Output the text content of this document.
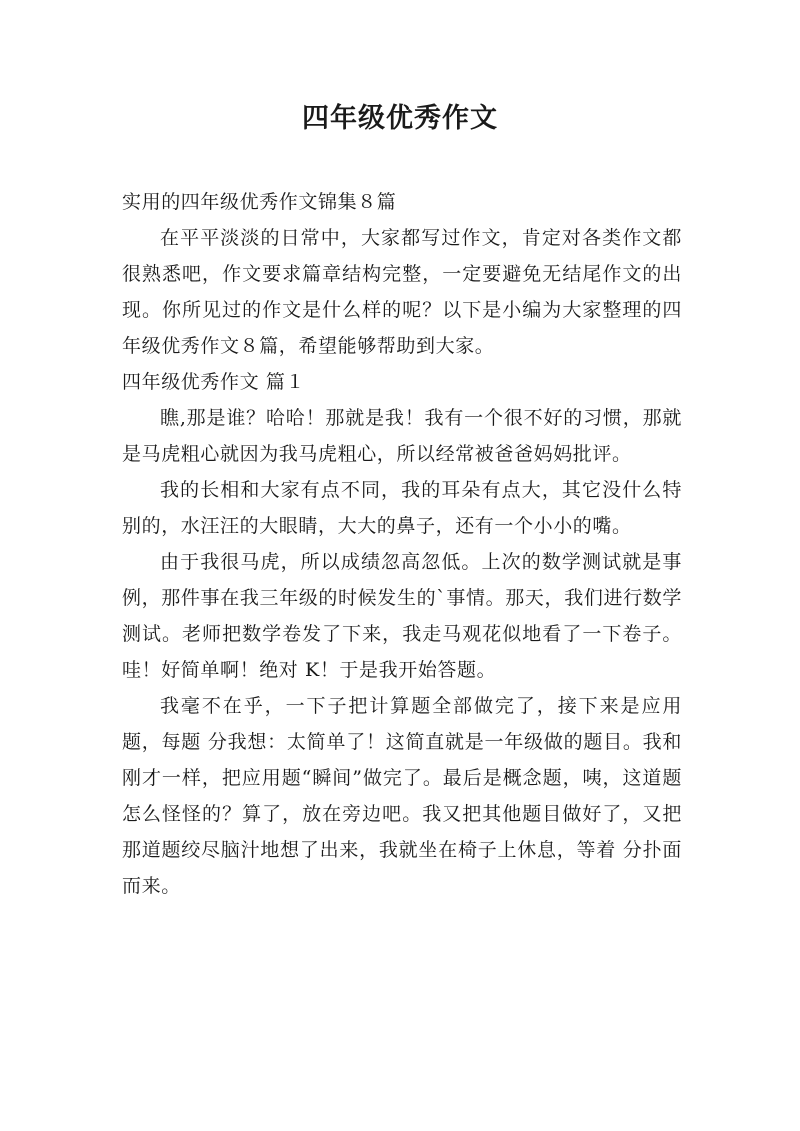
四年级优秀作文

实用的四年级优秀作文锦集８篇

在平平淡淡的日常中，大家都写过作文，肯定对各类作文都很熟悉吧，作文要求篇章结构完整，一定要避免无结尾作文的出现。你所见过的作文是什么样的呢？以下是小编为大家整理的四年级优秀作文８篇，希望能够帮助到大家。

四年级优秀作文 篇１

瞧,那是谁？哈哈！那就是我！我有一个很不好的习惯，那就是马虎粗心就因为我马虎粗心，所以经常被爸爸妈妈批评。

我的长相和大家有点不同，我的耳朵有点大，其它没什么特别的，水汪汪的大眼睛，大大的鼻子，还有一个小小的嘴。

由于我很马虎，所以成绩忽高忽低。上次的数学测试就是事例，那件事在我三年级的时候发生的`事情。那天，我们进行数学测试。老师把数学卷发了下来，我走马观花似地看了一下卷子。哇！好简单啊！绝对 K！于是我开始答题。

我毫不在乎，一下子把计算题全部做完了，接下来是应用题，每题 分我想：太简单了！这简直就是一年级做的题目。我和刚才一样，把应用题“瞬间”做完了。最后是概念题，咦，这道题怎么怪怪的？算了，放在旁边吧。我又把其他题目做好了，又把那道题绞尽脑汁地想了出来，我就坐在椅子上休息，等着 分扑面而来。
